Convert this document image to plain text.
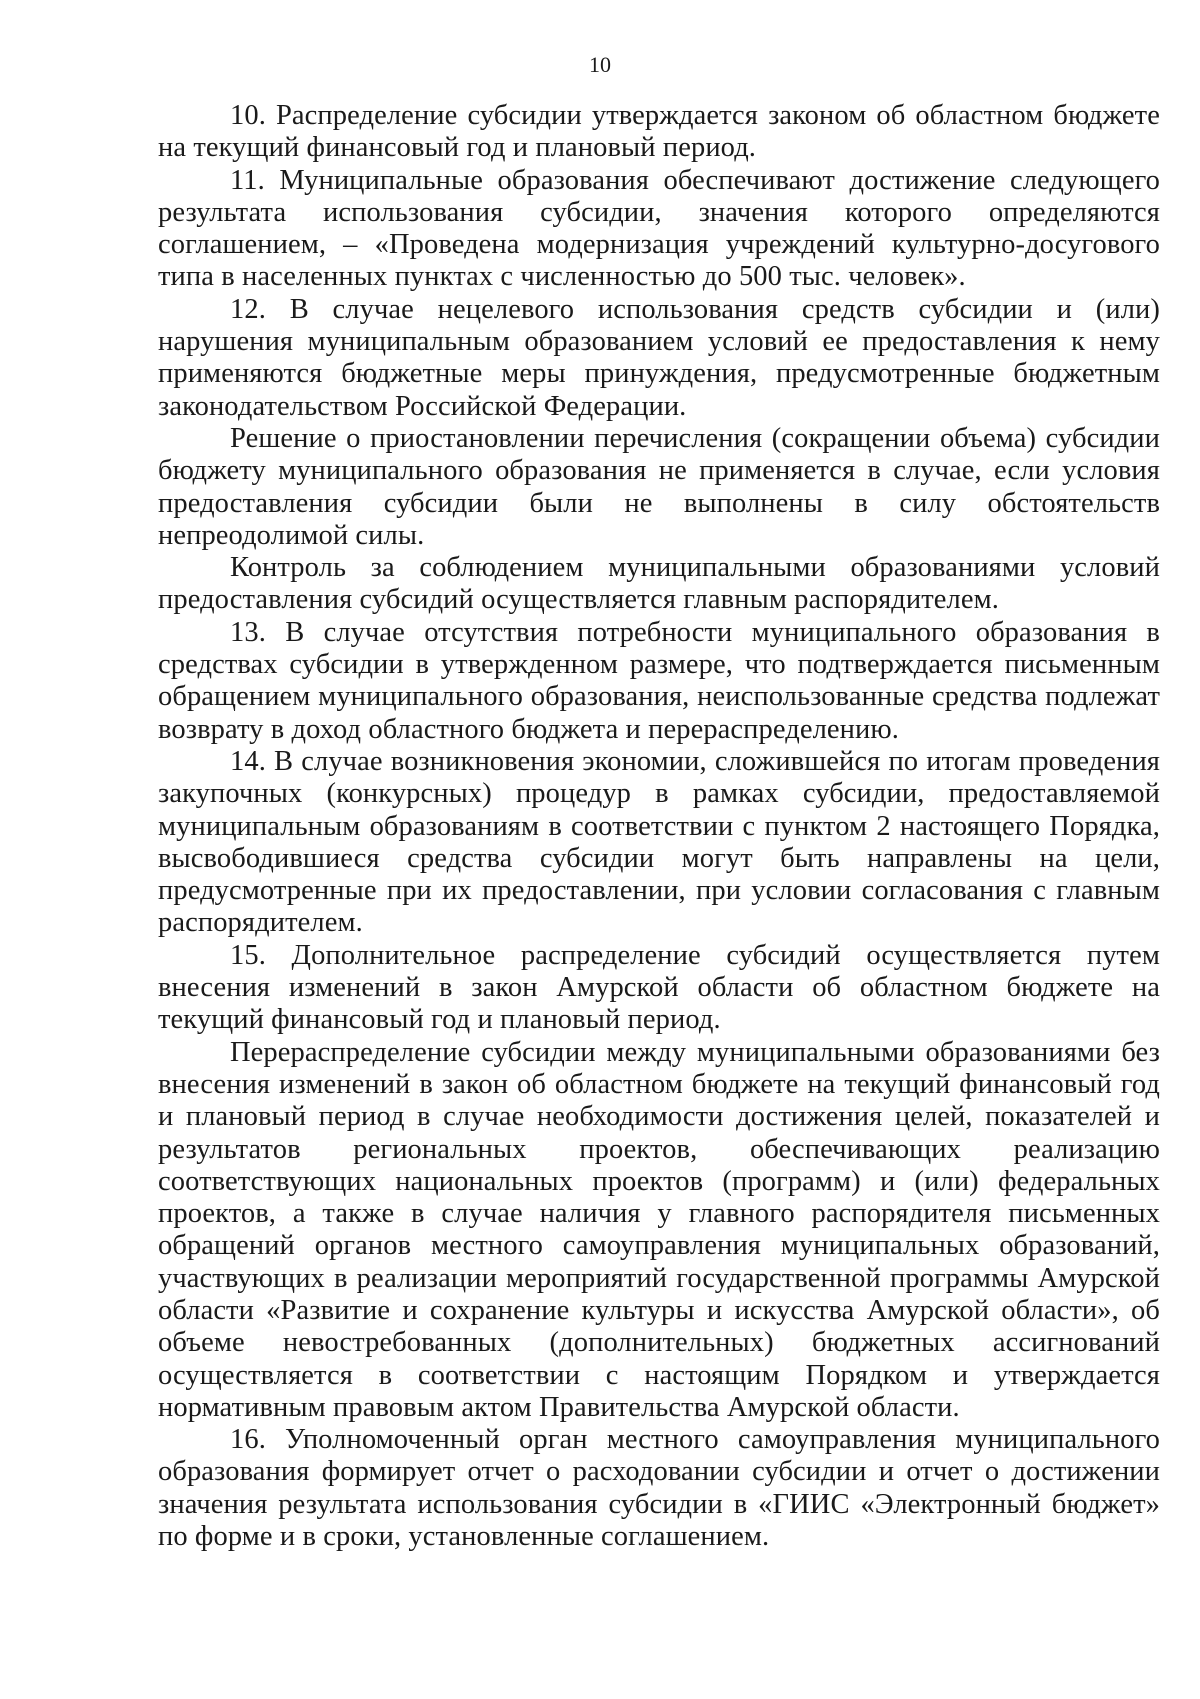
10

10. Распределение субсидии утверждается законом об областном бюджете на текущий финансовый год и плановый период.

11. Муниципальные образования обеспечивают достижение следующего результата использования субсидии, значения которого определяются соглашением, – «Проведена модернизация учреждений культурно-досугового типа в населенных пунктах с численностью до 500 тыс. человек».

12. В случае нецелевого использования средств субсидии и (или) нарушения муниципальным образованием условий ее предоставления к нему применяются бюджетные меры принуждения, предусмотренные бюджетным законодательством Российской Федерации.

Решение о приостановлении перечисления (сокращении объема) субсидии бюджету муниципального образования не применяется в случае, если условия предоставления субсидии были не выполнены в силу обстоятельств непреодолимой силы.

Контроль за соблюдением муниципальными образованиями условий предоставления субсидий осуществляется главным распорядителем.

13. В случае отсутствия потребности муниципального образования в средствах субсидии в утвержденном размере, что подтверждается письменным обращением муниципального образования, неиспользованные средства подлежат возврату в доход областного бюджета и перераспределению.

14. В случае возникновения экономии, сложившейся по итогам проведения закупочных (конкурсных) процедур в рамках субсидии, предоставляемой муниципальным образованиям в соответствии с пунктом 2 настоящего Порядка, высвободившиеся средства субсидии могут быть направлены на цели, предусмотренные при их предоставлении, при условии согласования с главным распорядителем.

15. Дополнительное распределение субсидий осуществляется путем внесения изменений в закон Амурской области об областном бюджете на текущий финансовый год и плановый период.

Перераспределение субсидии между муниципальными образованиями без внесения изменений в закон об областном бюджете на текущий финансовый год и плановый период в случае необходимости достижения целей, показателей и результатов региональных проектов, обеспечивающих реализацию соответствующих национальных проектов (программ) и (или) федеральных проектов, а также в случае наличия у главного распорядителя письменных обращений органов местного самоуправления муниципальных образований, участвующих в реализации мероприятий государственной программы Амурской области «Развитие и сохранение культуры и искусства Амурской области», об объеме невостребованных (дополнительных) бюджетных ассигнований осуществляется в соответствии с настоящим Порядком и утверждается нормативным правовым актом Правительства Амурской области.

16. Уполномоченный орган местного самоуправления муниципального образования формирует отчет о расходовании субсидии и отчет о достижении значения результата использования субсидии в «ГИИС «Электронный бюджет» по форме и в сроки, установленные соглашением.
